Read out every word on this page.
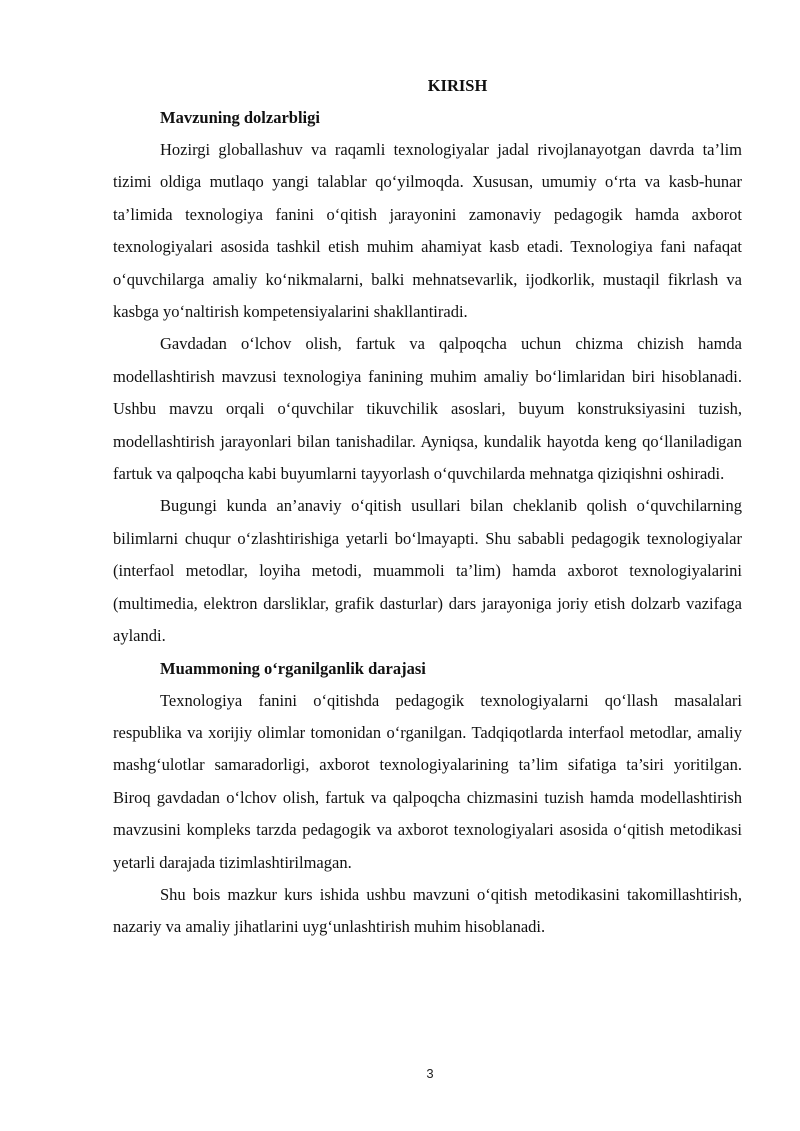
KIRISH

Mavzuning dolzarbligi

Hozirgi globallashuv va raqamli texnologiyalar jadal rivojlanayotgan davrda ta’lim tizimi oldiga mutlaqo yangi talablar qo‘yilmoqda. Xususan, umumiy o‘rta va kasb-hunar ta’limida texnologiya fanini o‘qitish jarayonini zamonaviy pedagogik hamda axborot texnologiyalari asosida tashkil etish muhim ahamiyat kasb etadi. Texnologiya fani nafaqat o‘quvchilarga amaliy ko‘nikmalarni, balki mehnatsevarlik, ijodkorlik, mustaqil fikrlash va kasbga yo‘naltirish kompetensiyalarini shakllantiradi.

Gavdadan o‘lchov olish, fartuk va qalpoqcha uchun chizma chizish hamda modellashtirish mavzusi texnologiya fanining muhim amaliy bo‘limlaridan biri hisoblanadi. Ushbu mavzu orqali o‘quvchilar tikuvchilik asoslari, buyum konstruksiyasini tuzish, modellashtirish jarayonlari bilan tanishadilar. Ayniqsa, kundalik hayotda keng qo‘llaniladigan fartuk va qalpoqcha kabi buyumlarni tayyorlash o‘quvchilarda mehnatga qiziqishni oshiradi.

Bugungi kunda an’anaviy o‘qitish usullari bilan cheklanib qolish o‘quvchilarning bilimlarni chuqur o‘zlashtirishiga yetarli bo‘lmayapti. Shu sababli pedagogik texnologiyalar (interfaol metodlar, loyiha metodi, muammoli ta’lim) hamda axborot texnologiyalarini (multimedia, elektron darsliklar, grafik dasturlar) dars jarayoniga joriy etish dolzarb vazifaga aylandi.

Muammoning o‘rganilganlik darajasi

Texnologiya fanini o‘qitishda pedagogik texnologiyalarni qo‘llash masalalari respublika va xorijiy olimlar tomonidan o‘rganilgan. Tadqiqotlarda interfaol metodlar, amaliy mashg‘ulotlar samaradorligi, axborot texnologiyalarining ta’lim sifatiga ta’siri yoritilgan. Biroq gavdadan o‘lchov olish, fartuk va qalpoqcha chizmasini tuzish hamda modellashtirish mavzusini kompleks tarzda pedagogik va axborot texnologiyalari asosida o‘qitish metodikasi yetarli darajada tizimlashtirilmagan.

Shu bois mazkur kurs ishida ushbu mavzuni o‘qitish metodikasini takomillashtirish, nazariy va amaliy jihatlarini uyg‘unlashtirish muhim hisoblanadi.

3
